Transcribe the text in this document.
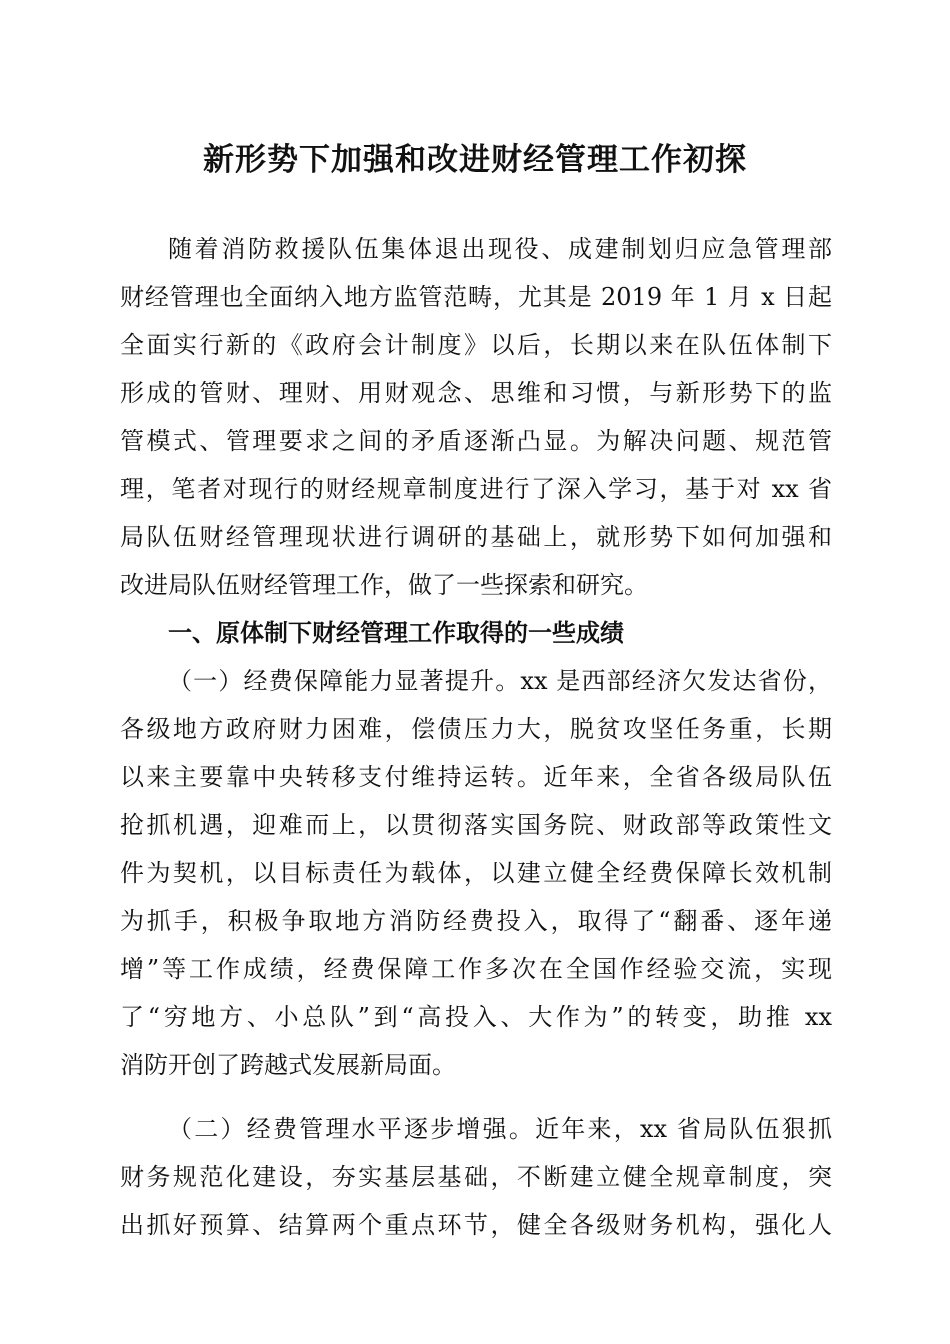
新形势下加强和改进财经管理工作初探
随着消防救援队伍集体退出现役、成建制划归应急管理部
财经管理也全面纳入地方监管范畴，尤其是 2019 年 1 月 x 日起
全面实行新的《政府会计制度》以后，长期以来在队伍体制下
形成的管财、理财、用财观念、思维和习惯，与新形势下的监
管模式、管理要求之间的矛盾逐渐凸显。为解决问题、规范管
理，笔者对现行的财经规章制度进行了深入学习，基于对 xx 省
局队伍财经管理现状进行调研的基础上，就形势下如何加强和
改进局队伍财经管理工作，做了一些探索和研究。
一、原体制下财经管理工作取得的一些成绩
（一）经费保障能力显著提升。xx 是西部经济欠发达省份，
各级地方政府财力困难，偿债压力大，脱贫攻坚任务重，长期
以来主要靠中央转移支付维持运转。近年来，全省各级局队伍
抢抓机遇，迎难而上，以贯彻落实国务院、财政部等政策性文
件为契机，以目标责任为载体，以建立健全经费保障长效机制
为抓手，积极争取地方消防经费投入，取得了“翻番、逐年递
增”等工作成绩，经费保障工作多次在全国作经验交流，实现
了“穷地方、小总队”到“高投入、大作为”的转变，助推 xx
消防开创了跨越式发展新局面。
（二）经费管理水平逐步增强。近年来，xx 省局队伍狠抓
财务规范化建设，夯实基层基础，不断建立健全规章制度，突
出抓好预算、结算两个重点环节，健全各级财务机构，强化人
